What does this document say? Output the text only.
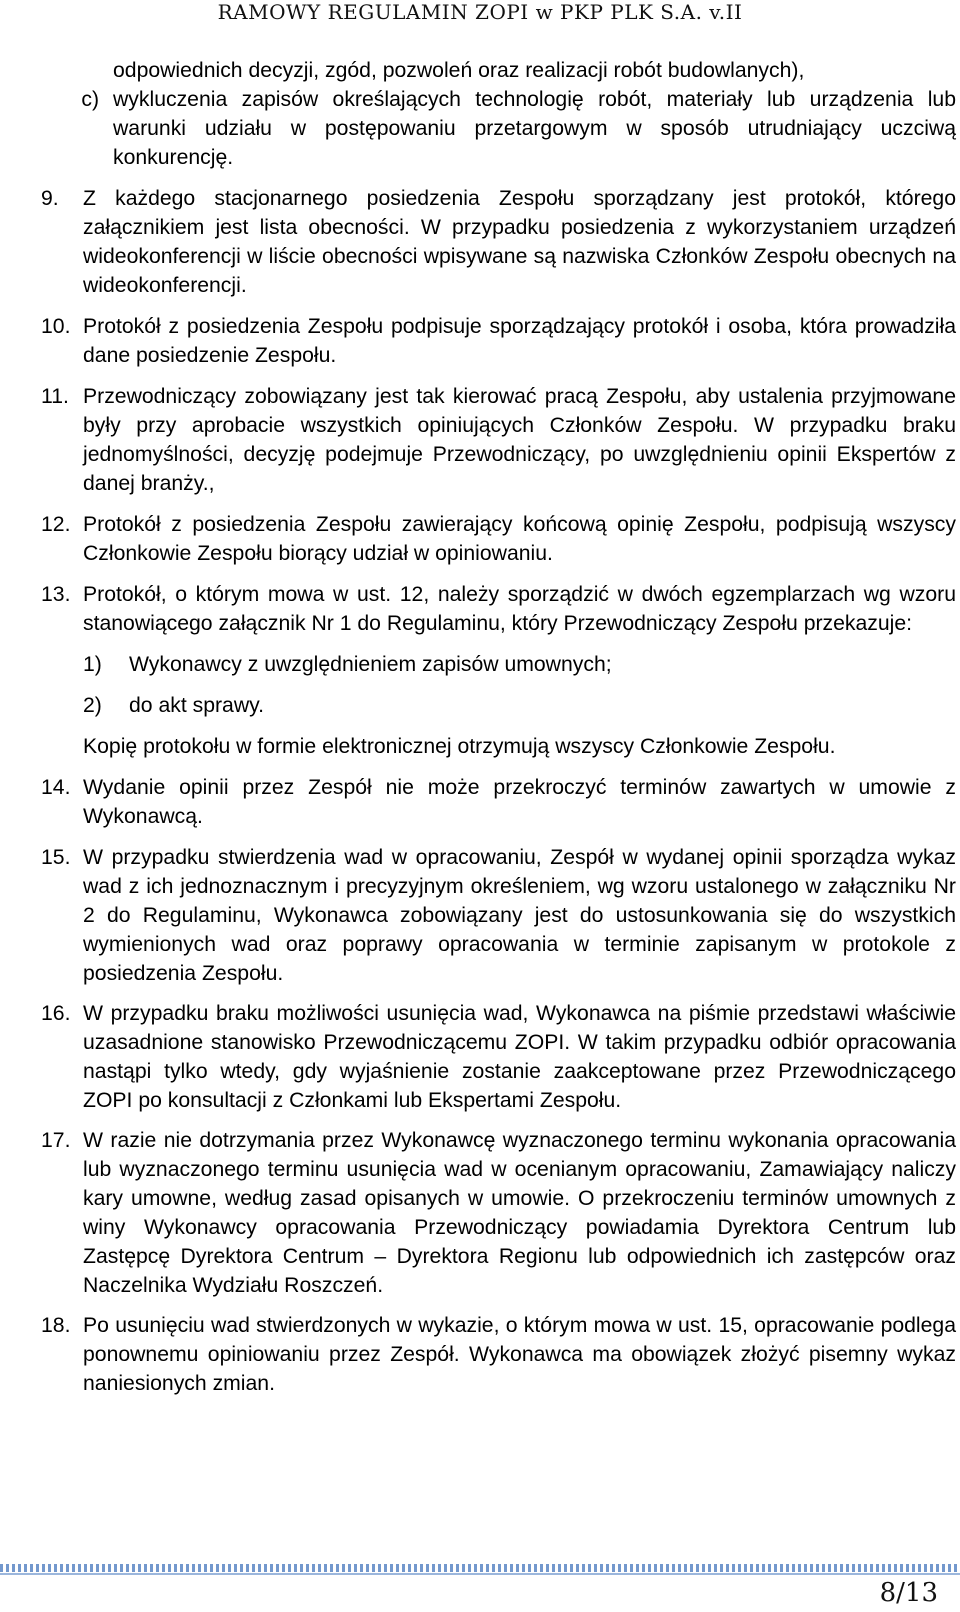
RAMOWY REGULAMIN ZOPI w PKP PLK S.A. v.II
odpowiednich decyzji, zgód, pozwoleń oraz realizacji robót budowlanych),
c) wykluczenia zapisów określających technologię robót, materiały lub urządzenia lub warunki udziału w postępowaniu przetargowym w sposób utrudniający uczciwą konkurencję.
9.	Z każdego stacjonarnego posiedzenia Zespołu sporządzany jest protokół, którego załącznikiem jest lista obecności. W przypadku posiedzenia z wykorzystaniem urządzeń wideokonferencji w liście obecności wpisywane są nazwiska Członków Zespołu obecnych na wideokonferencji.
10. Protokół z posiedzenia Zespołu podpisuje sporządzający protokół i osoba, która prowadziła dane posiedzenie Zespołu.
11. Przewodniczący zobowiązany jest tak kierować pracą Zespołu, aby ustalenia przyjmowane były przy aprobacie wszystkich opiniujących Członków Zespołu. W przypadku braku jednomyślności, decyzję podejmuje Przewodniczący, po uwzględnieniu opinii Ekspertów z danej branży.,
12. Protokół z posiedzenia Zespołu zawierający końcową opinię Zespołu, podpisują wszyscy Członkowie Zespołu biorący udział w opiniowaniu.
13. Protokół, o którym mowa w ust. 12, należy sporządzić w dwóch egzemplarzach wg wzoru stanowiącego załącznik Nr 1 do Regulaminu, który Przewodniczący Zespołu przekazuje:
1)	Wykonawcy z uwzględnieniem zapisów umownych;
2)	do akt sprawy.
Kopię protokołu w formie elektronicznej otrzymują wszyscy Członkowie Zespołu.
14. Wydanie opinii przez Zespół nie może przekroczyć terminów zawartych w umowie z Wykonawcą.
15. W przypadku stwierdzenia wad w opracowaniu, Zespół w wydanej opinii sporządza wykaz wad z ich jednoznacznym i precyzyjnym określeniem, wg wzoru ustalonego w załączniku Nr 2 do Regulaminu, Wykonawca zobowiązany jest do ustosunkowania się do wszystkich wymienionych wad oraz poprawy opracowania w terminie zapisanym w protokole z posiedzenia Zespołu.
16. W przypadku braku możliwości usunięcia wad, Wykonawca na piśmie przedstawi właściwie uzasadnione stanowisko Przewodniczącemu ZOPI. W takim przypadku odbiór opracowania nastąpi tylko wtedy, gdy wyjaśnienie zostanie zaakceptowane przez Przewodniczącego ZOPI po konsultacji z Członkami lub Ekspertami Zespołu.
17. W razie nie dotrzymania przez Wykonawcę wyznaczonego terminu wykonania opracowania lub wyznaczonego terminu usunięcia wad w ocenianym opracowaniu, Zamawiający naliczy kary umowne, według zasad opisanych w umowie. O przekroczeniu terminów umownych z winy Wykonawcy opracowania Przewodniczący powiadamia Dyrektora Centrum lub Zastępcę Dyrektora Centrum – Dyrektora Regionu lub odpowiednich ich zastępców oraz Naczelnika Wydziału Roszczeń.
18. Po usunięciu wad stwierdzonych w wykazie, o którym mowa w ust. 15, opracowanie podlega ponownemu opiniowaniu przez Zespół. Wykonawca ma obowiązek złożyć pisemny wykaz naniesionych zmian.
8/13
